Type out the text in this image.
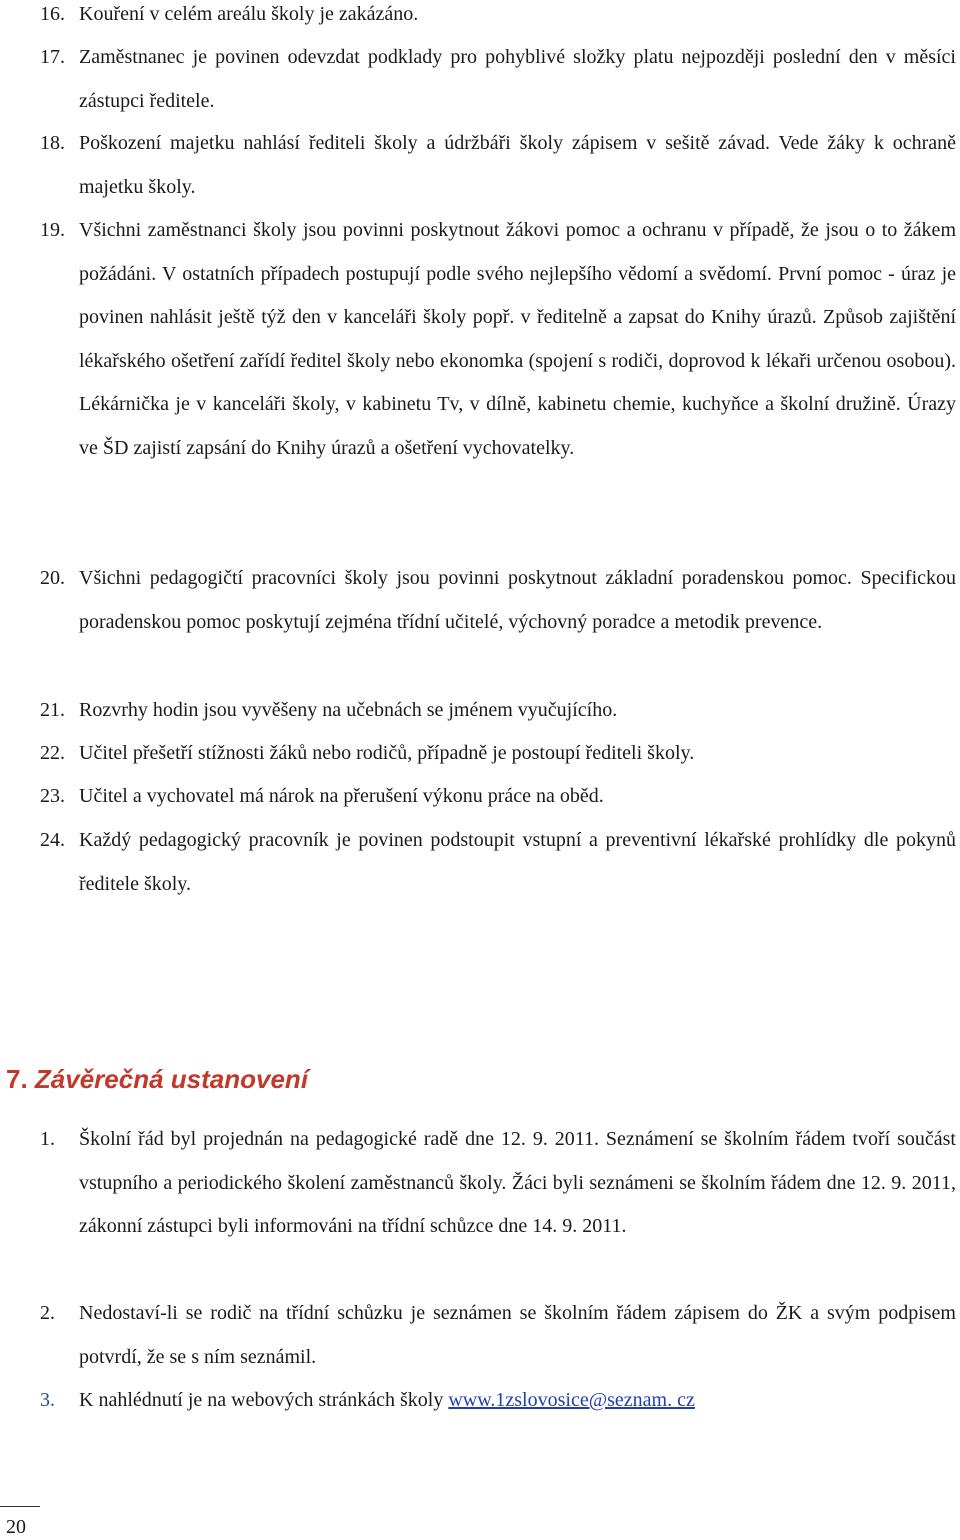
16. Kouření v celém areálu školy je zakázáno.
17. Zaměstnanec je povinen odevzdat podklady pro pohyblivé složky platu nejpozději poslední den v měsíci zástupci ředitele.
18. Poškození majetku nahlásí řediteli školy a údržbáři školy zápisem v sešitě závad. Vede žáky k ochraně majetku školy.
19. Všichni zaměstnanci školy jsou povinni poskytnout žákovi pomoc a ochranu v případě, že jsou o to žákem požádáni. V ostatních případech postupují podle svého nejlepšího vědomí a svědomí. První pomoc - úraz je povinen nahlásit ještě týž den v kanceláři školy popř. v ředitelně a zapsat do Knihy úrazů. Způsob zajištění lékařského ošetření zařídí ředitel školy nebo ekonomka (spojení s rodiči, doprovod k lékaři určenou osobou). Lékárnička je v kanceláři školy, v kabinetu Tv, v dílně, kabinetu chemie, kuchyňce a školní družině. Úrazy ve ŠD zajistí zapsání do Knihy úrazů a ošetření vychovatelky.
20. Všichni pedagogičtí pracovníci školy jsou povinni poskytnout základní poradenskou pomoc. Specifickou poradenskou pomoc poskytují zejména třídní učitelé, výchovný poradce a metodik prevence.
21. Rozvrhy hodin jsou vyvěšeny na učebnách se jménem vyučujícího.
22. Učitel přešetří stížnosti žáků nebo rodičů, případně je postoupí řediteli školy.
23. Učitel a vychovatel má nárok na přerušení výkonu práce na oběd.
24. Každý pedagogický pracovník je povinen podstoupit vstupní a preventivní lékařské prohlídky dle pokynů ředitele školy.
7. Závěrečná ustanovení
1. Školní řád byl projednán na pedagogické radě dne 12. 9. 2011. Seznámení se školním řádem tvoří součást vstupního a periodického školení zaměstnanců školy. Žáci byli seznámeni se školním řádem dne 12. 9. 2011, zákonní zástupci byli informováni na třídní schůzce dne 14. 9. 2011.
2. Nedostaví-li se rodič na třídní schůzku je seznámen se školním řádem zápisem do ŽK a svým podpisem potvrdí, že se s ním seznámil.
3. K nahlédnutí je na webových stránkách školy www.1zslovosice@seznam. cz
20
